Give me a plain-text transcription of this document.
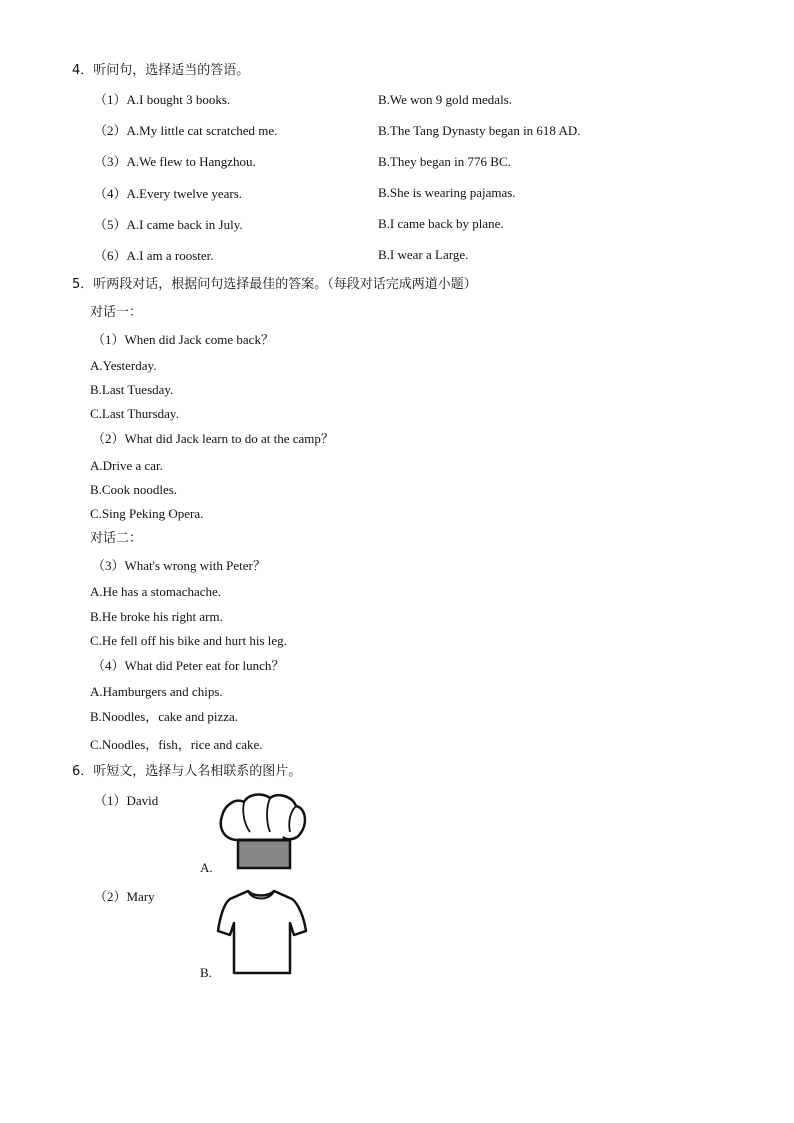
4．听问句，选择适当的答语。
（1）A.I bought 3 books.	B.We won 9 gold medals.
（2）A.My little cat scratched me.	B.The Tang Dynasty began in 618 AD.
（3）A.We flew to Hangzhou.	B.They began in 776 BC.
（4）A.Every twelve years.	B.She is wearing pajamas.
（5）A.I came back in July.	B.I came back by plane.
（6）A.I am a rooster.	B.I wear a Large.
5．听两段对话，根据问句选择最佳的答案。（每段对话完成两道小题）
对话一：
（1）When did Jack come back？
A.Yesterday.
B.Last Tuesday.
C.Last Thursday.
（2）What did Jack learn to do at the camp？
A.Drive a car.
B.Cook noodles.
C.Sing Peking Opera.
对话二：
（3）What's wrong with Peter？
A.He has a stomachache.
B.He broke his right arm.
C.He fell off his bike and hurt his leg.
（4）What did Peter eat for lunch？
A.Hamburgers and chips.
B.Noodles，cake and pizza.
C.Noodles，fish，rice and cake.
6．听短文，选择与人名相联系的图片。
（1）David
A.
（2）Mary
B.
